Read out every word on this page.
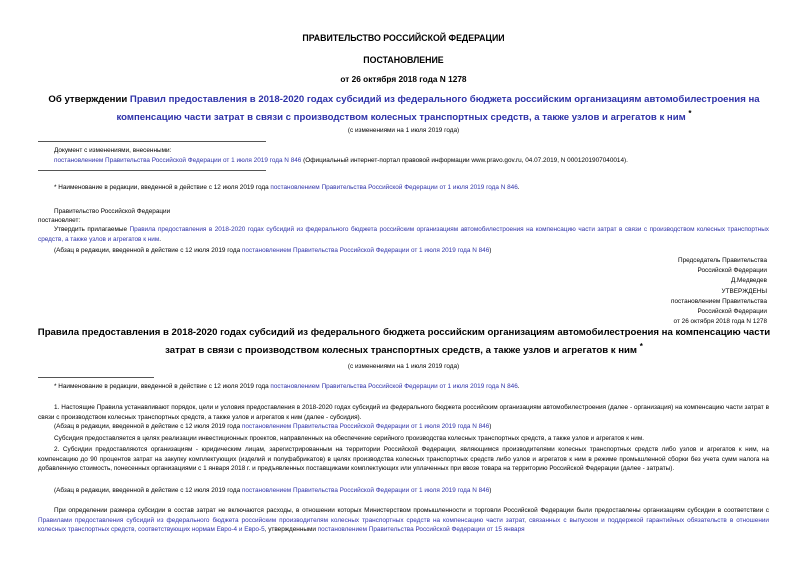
ПРАВИТЕЛЬСТВО РОССИЙСКОЙ ФЕДЕРАЦИИ
ПОСТАНОВЛЕНИЕ
от 26 октября 2018 года N 1278
Об утверждении Правил предоставления в 2018-2020 годах субсидий из федерального бюджета российским организациям автомобилестроения на компенсацию части затрат в связи с производством колесных транспортных средств, а также узлов и агрегатов к ним *
(с изменениями на 1 июля 2019 года)
Документ с изменениями, внесенными:
постановлением Правительства Российской Федерации от 1 июля 2019 года N 846 (Официальный интернет-портал правовой информации www.pravo.gov.ru, 04.07.2019, N 0001201907040014).
* Наименование в редакции, введенной в действие с 12 июля 2019 года постановлением Правительства Российской Федерации от 1 июля 2019 года N 846.
Правительство Российской Федерации
постановляет:
Утвердить прилагаемые Правила предоставления в 2018-2020 годах субсидий из федерального бюджета российским организациям автомобилестроения на компенсацию части затрат в связи с производством колесных транспортных средств, а также узлов и агрегатов к ним.
(Абзац в редакции, введенной в действие с 12 июля 2019 года постановлением Правительства Российской Федерации от 1 июля 2019 года N 846)
Председатель Правительства
Российской Федерации
Д.Медведев
УТВЕРЖДЕНЫ
постановлением Правительства
Российской Федерации
от 26 октября 2018 года N 1278
Правила предоставления в 2018-2020 годах субсидий из федерального бюджета российским организациям автомобилестроения на компенсацию части затрат в связи с производством колесных транспортных средств, а также узлов и агрегатов к ним *
(с изменениями на 1 июля 2019 года)
* Наименование в редакции, введенной в действие с 12 июля 2019 года постановлением Правительства Российской Федерации от 1 июля 2019 года N 846.
1. Настоящие Правила устанавливают порядок, цели и условия предоставления в 2018-2020 годах субсидий из федерального бюджета российским организациям автомобилестроения (далее - организация) на компенсацию части затрат в связи с производством колесных транспортных средств, а также узлов и агрегатов к ним (далее - субсидия).
(Абзац в редакции, введенной в действие с 12 июля 2019 года постановлением Правительства Российской Федерации от 1 июля 2019 года N 846)
Субсидия предоставляется в целях реализации инвестиционных проектов, направленных на обеспечение серийного производства колесных транспортных средств, а также узлов и агрегатов к ним.
2. Субсидии предоставляются организациям - юридическим лицам, зарегистрированным на территории Российской Федерации, являющимся производителями колесных транспортных средств либо узлов и агрегатов к ним, на компенсацию до 90 процентов затрат на закупку комплектующих (изделий и полуфабрикатов) в целях производства колесных транспортных средств либо узлов и агрегатов к ним в режиме промышленной сборки без учета сумм налога на добавленную стоимость, понесенных организациями с 1 января 2018 г. и предъявленных поставщиками комплектующих или уплаченных при ввозе товара на территорию Российской Федерации (далее - затраты).
(Абзац в редакции, введенной в действие с 12 июля 2019 года постановлением Правительства Российской Федерации от 1 июля 2019 года N 846)
При определении размера субсидии в состав затрат не включаются расходы, в отношении которых Министерством промышленности и торговли Российской Федерации были предоставлены организациям субсидии в соответствии с Правилами предоставления субсидий из федерального бюджета российским производителям колесных транспортных средств на компенсацию части затрат, связанных с выпуском и поддержкой гарантийных обязательств в отношении колесных транспортных средств, соответствующих нормам Евро-4 и Евро-5, утвержденными постановлением Правительства Российской Федерации от 15 января
